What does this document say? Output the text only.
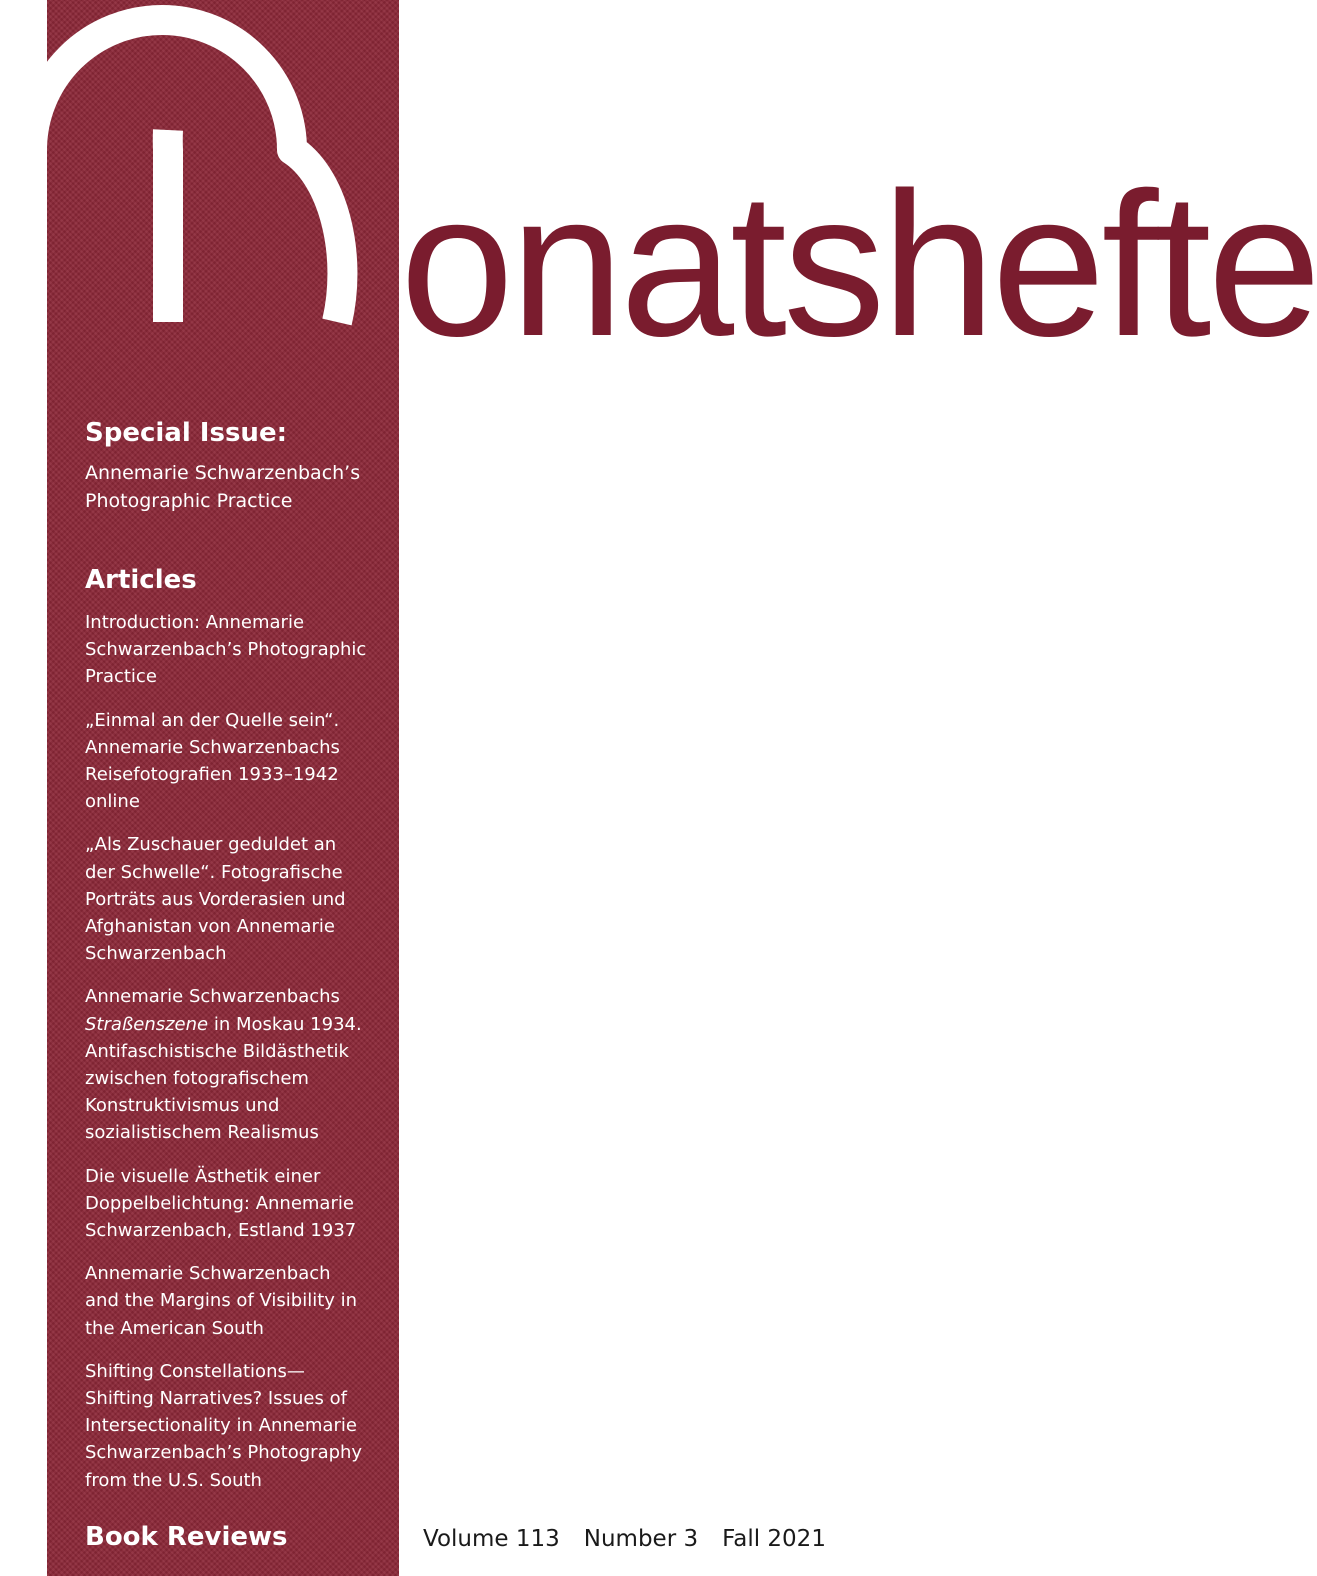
onatshefte
Special Issue:
Annemarie Schwarzenbach’s
Photographic Practice
Articles

Introduction: Annemarie
Schwarzenbach’s Photographic
Practice

„Einmal an der Quelle sein“.
Annemarie Schwarzenbachs
Reisefotografien 1933–1942
online

„Als Zuschauer geduldet an
der Schwelle“. Fotografische
Porträts aus Vorderasien und
Afghanistan von Annemarie
Schwarzenbach

Annemarie Schwarzenbachs
Straßenszene in Moskau 1934.
Antifaschistische Bildästhetik
zwischen fotografischem
Konstruktivismus und
sozialistischem Realismus

Die visuelle Ästhetik einer
Doppelbelichtung: Annemarie
Schwarzenbach, Estland 1937

Annemarie Schwarzenbach
and the Margins of Visibility in
the American South

Shifting Constellations—
Shifting Narratives? Issues of
Intersectionality in Annemarie
Schwarzenbach’s Photography
from the U.S. South

Book Reviews	Volume 113 Number 3 Fall 2021
